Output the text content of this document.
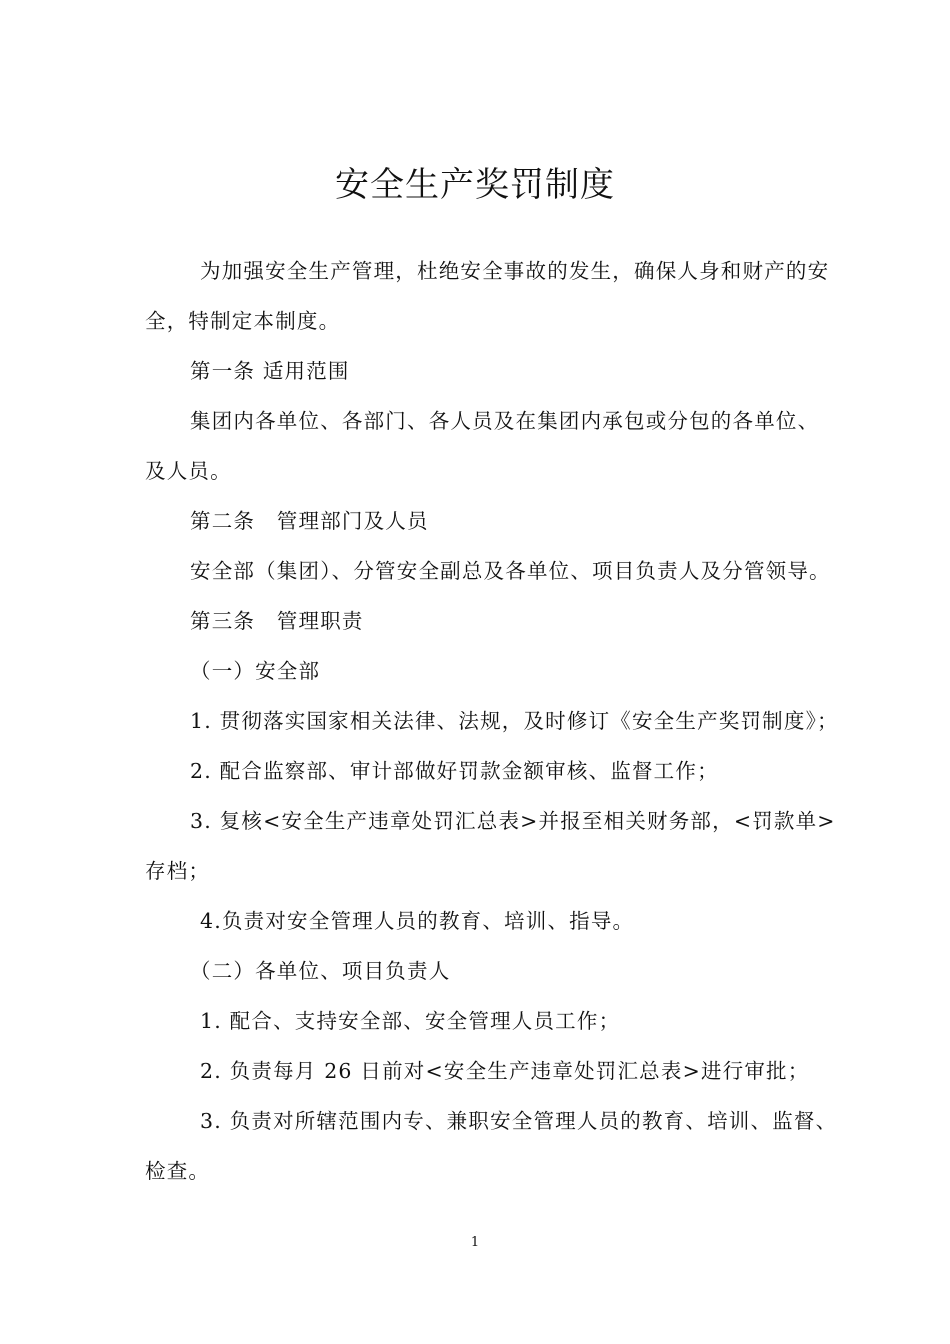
安全生产奖罚制度
为加强安全生产管理，杜绝安全事故的发生，确保人身和财产的安
全，特制定本制度。
第一条 适用范围
集团内各单位、各部门、各人员及在集团内承包或分包的各单位、
及人员。
第二条　管理部门及人员
安全部（集团）、分管安全副总及各单位、项目负责人及分管领导。
第三条　管理职责
（一）安全部
1. 贯彻落实国家相关法律、法规，及时修订《安全生产奖罚制度》；
2. 配合监察部、审计部做好罚款金额审核、监督工作；
3. 复核<安全生产违章处罚汇总表>并报至相关财务部，<罚款单>
存档；
4.负责对安全管理人员的教育、培训、指导。
（二）各单位、项目负责人
1. 配合、支持安全部、安全管理人员工作；
2. 负责每月 26 日前对<安全生产违章处罚汇总表>进行审批；
3. 负责对所辖范围内专、兼职安全管理人员的教育、培训、监督、
检查。
1
